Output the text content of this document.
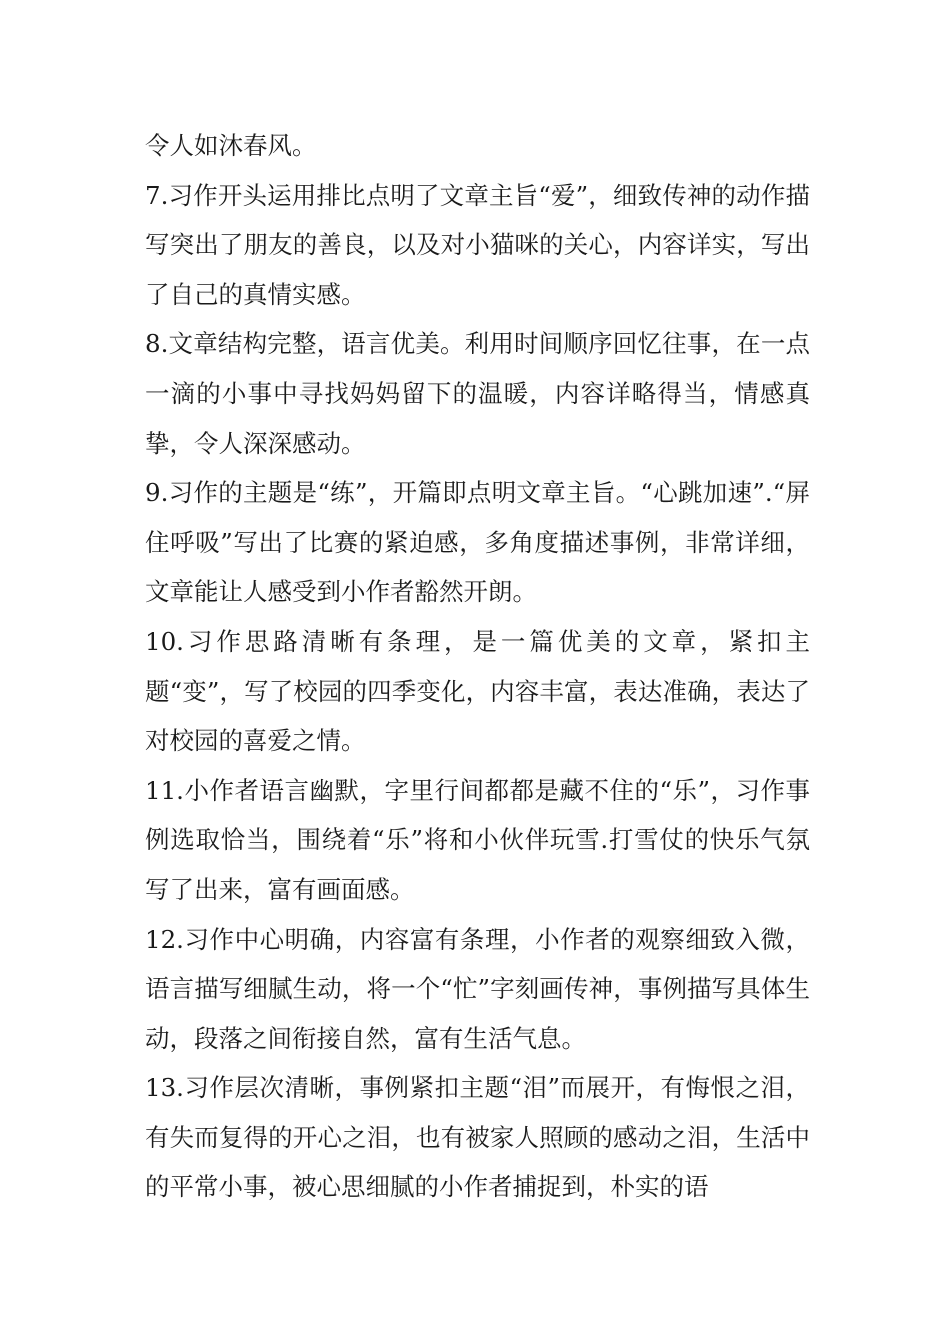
令人如沐春风。

7.习作开头运用排比点明了文章主旨“爱”，细致传神的动作描写突出了朋友的善良，以及对小猫咪的关心，内容详实，写出了自己的真情实感。

8.文章结构完整，语言优美。利用时间顺序回忆往事，在一点一滴的小事中寻找妈妈留下的温暖，内容详略得当，情感真挚，令人深深感动。

9.习作的主题是“练”，开篇即点明文章主旨。“心跳加速”.“屏住呼吸”写出了比赛的紧迫感，多角度描述事例，非常详细，文章能让人感受到小作者豁然开朗。

10.习作思路清晰有条理，是一篇优美的文章，紧扣主题“变”，写了校园的四季变化，内容丰富，表达准确，表达了对校园的喜爱之情。

11.小作者语言幽默，字里行间都都是藏不住的“乐”，习作事例选取恰当，围绕着“乐”将和小伙伴玩雪.打雪仗的快乐气氛写了出来，富有画面感。

12.习作中心明确，内容富有条理，小作者的观察细致入微，语言描写细腻生动，将一个“忙”字刻画传神，事例描写具体生动，段落之间衔接自然，富有生活气息。

13.习作层次清晰，事例紧扣主题“泪”而展开，有悔恨之泪，有失而复得的开心之泪，也有被家人照顾的感动之泪，生活中的平常小事，被心思细腻的小作者捕捉到，朴实的语
